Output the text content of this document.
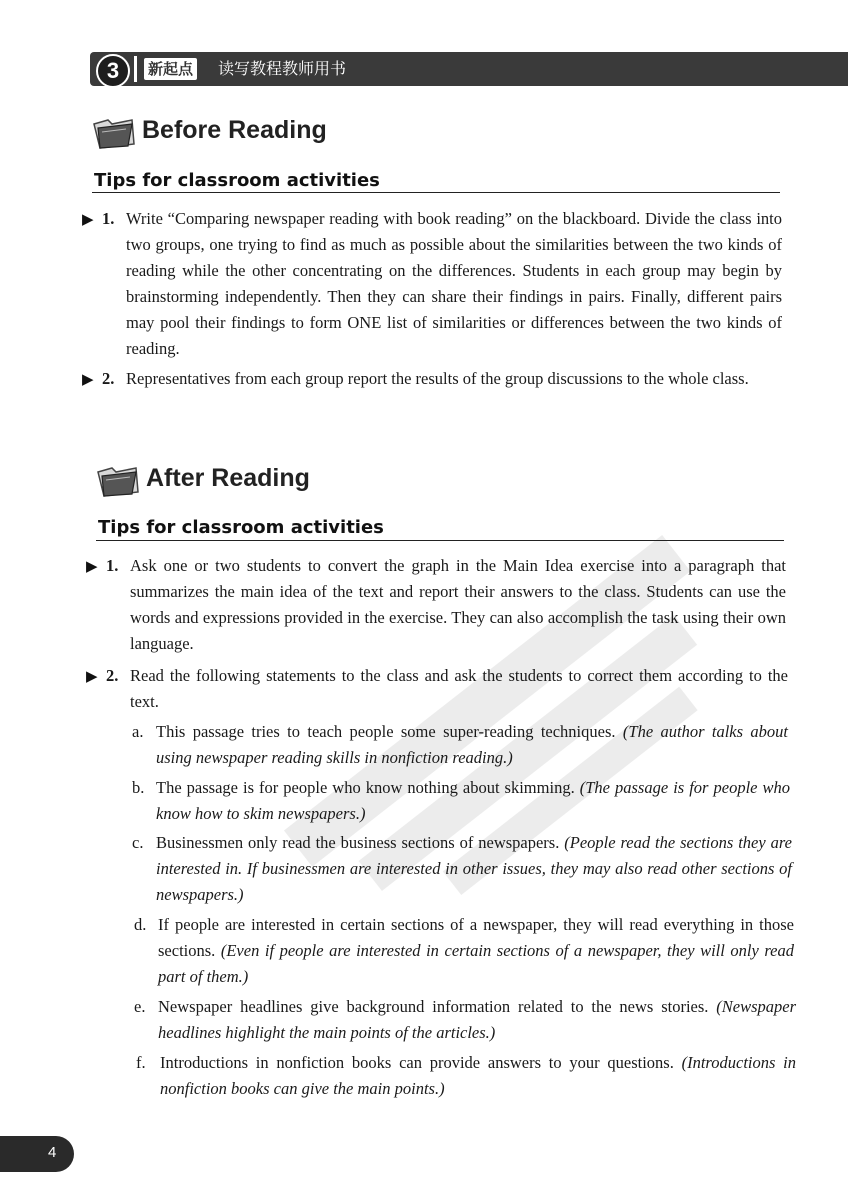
3	新起点 读写教程教师用书
Before Reading
Tips for classroom activities
▶ 1. Write “Comparing newspaper reading with book reading” on the blackboard. Divide the class into two groups, one trying to find as much as possible about the similarities between the two kinds of reading while the other concentrating on the differences. Students in each group may begin by brainstorming independently. Then they can share their findings in pairs. Finally, different pairs may pool their findings to form ONE list of similarities or differences between the two kinds of reading.
▶ 2. Representatives from each group report the results of the group discussions to the whole class.
After Reading
Tips for classroom activities
▶ 1. Ask one or two students to convert the graph in the Main Idea exercise into a paragraph that summarizes the main idea of the text and report their answers to the class. Students can use the words and expressions provided in the exercise. They can also accomplish the task using their own language.
▶ 2. Read the following statements to the class and ask the students to correct them according to the text.
a. This passage tries to teach people some super-reading techniques. (The author talks about using newspaper reading skills in nonfiction reading.)
b. The passage is for people who know nothing about skimming. (The passage is for people who know how to skim newspapers.)
c. Businessmen only read the business sections of newspapers. (People read the sections they are interested in. If businessmen are interested in other issues, they may also read other sections of newspapers.)
d. If people are interested in certain sections of a newspaper, they will read everything in those sections. (Even if people are interested in certain sections of a newspaper, they will only read part of them.)
e. Newspaper headlines give background information related to the news stories. (Newspaper headlines highlight the main points of the articles.)
f. Introductions in nonfiction books can provide answers to your questions. (Introductions in nonfiction books can give the main points.)
4
